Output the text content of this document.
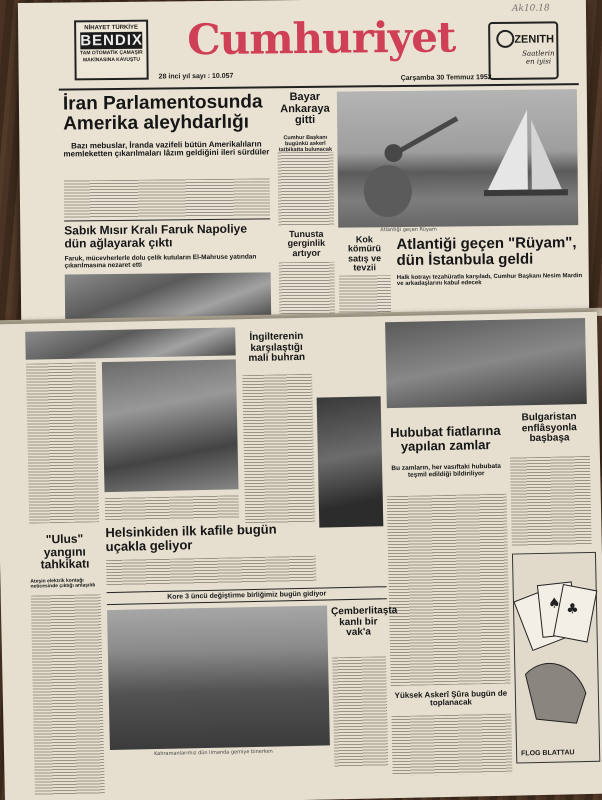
NİHAYET TÜRKİYE
BENDIX
TAM OTOMATİK ÇAMAŞIR MAKİNASINA KAVUŞTU	Cumhuriyet	ZENITH
Saatlerin en iyisi
Ak10.18
28 inci yıl sayı : 10.057	Çarşamba 30 Temmuz 1952
İran Parlamentosunda Amerika aleyhdarlığı
Bazı mebuslar, İranda vazifeli bütün Amerikalıların memleketten çıkarılmaları lâzım geldiğini ileri sürdüler
Sabık Mısır Kralı Faruk Napoliye dün ağlayarak çıktı
Faruk, mücevherlerle dolu çelik kutuların El-Mahruse yatından çıkarılmasına nezaret etti
Bayar Ankaraya gitti
Cumhur Başkanı bugünkü askerî tatbikatta bulunacak
Tunusta gerginlik artıyor
Atlantiği geçen Rüyam
Kok kömürü satış ve tevzii
Atlantiği geçen "Rüyam", dün İstanbula geldi
Halk kotrayı tezahüratla karşıladı, Cumhur Başkanı Nesim Mardin ve arkadaşlarını kabul edecek
İngilterenin karşılaştığı mali buhran
"Ulus" yangını tahkikatı
Ateşin elektrik kontağı neticesinde çıktığı anlaşıldı
Helsinkiden ilk kafile bugün uçakla geliyor
Kore 3 üncü değiştirme birliğimiz bugün gidiyor
Kahramanlarımız dün limanda gemiye binerken
Hububat fiatlarına yapılan zamlar
Bu zamların, her vasıftaki hububata teşmil edildiği bildiriliyor
Bulgaristan enflâsyonla başbaşa
Çemberlitaşta kanlı bir vak'a
Yüksek Askerî Şûra bugün de toplanacak
♠ ♣
FLOG BLATTAU
